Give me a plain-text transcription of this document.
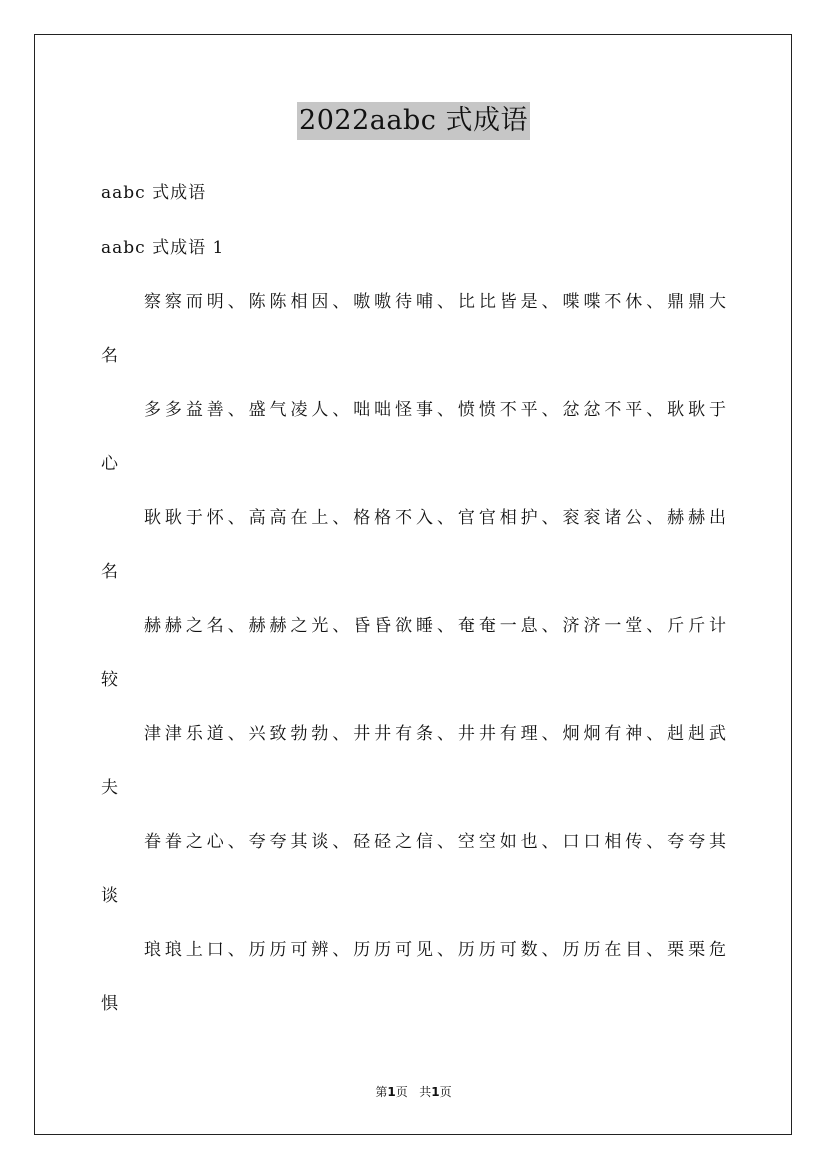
2022aabc 式成语
aabc 式成语
aabc 式成语 1
察察而明、陈陈相因、嗷嗷待哺、比比皆是、喋喋不休、鼎鼎大
名
多多益善、盛气凌人、咄咄怪事、愤愤不平、忿忿不平、耿耿于
心
耿耿于怀、高高在上、格格不入、官官相护、衮衮诸公、赫赫出
名
赫赫之名、赫赫之光、昏昏欲睡、奄奄一息、济济一堂、斤斤计
较
津津乐道、兴致勃勃、井井有条、井井有理、炯炯有神、赳赳武
夫
眷眷之心、夸夸其谈、硁硁之信、空空如也、口口相传、夸夸其
谈
琅琅上口、历历可辨、历历可见、历历可数、历历在目、栗栗危
惧
第1页   共1页
